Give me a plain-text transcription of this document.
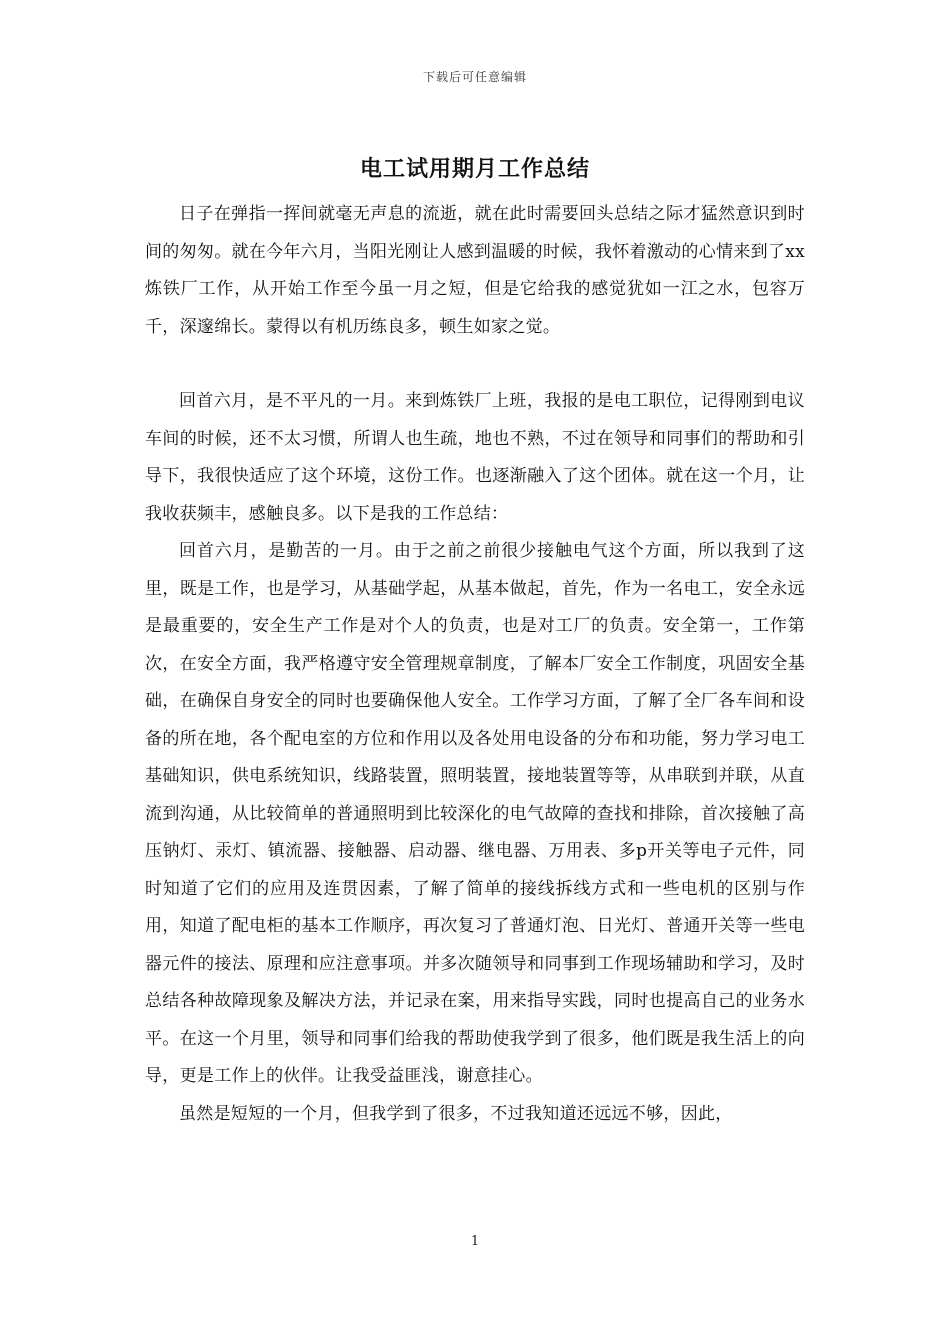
下载后可任意编辑
电工试用期月工作总结

日子在弹指一挥间就毫无声息的流逝，就在此时需要回头总结之际才猛然意识到时间的匆匆。就在今年六月，当阳光刚让人感到温暖的时候，我怀着激动的心情来到了xx炼铁厂工作，从开始工作至今虽一月之短，但是它给我的感觉犹如一江之水，包容万千，深邃绵长。蒙得以有机历练良多，顿生如家之觉。

回首六月，是不平凡的一月。来到炼铁厂上班，我报的是电工职位，记得刚到电议车间的时候，还不太习惯，所谓人也生疏，地也不熟，不过在领导和同事们的帮助和引导下，我很快适应了这个环境，这份工作。也逐渐融入了这个团体。就在这一个月，让我收获频丰，感触良多。以下是我的工作总结：

回首六月，是勤苦的一月。由于之前之前很少接触电气这个方面，所以我到了这里，既是工作，也是学习，从基础学起，从基本做起，首先，作为一名电工，安全永远是最重要的，安全生产工作是对个人的负责，也是对工厂的负责。安全第一，工作第次，在安全方面，我严格遵守安全管理规章制度，了解本厂安全工作制度，巩固安全基础，在确保自身安全的同时也要确保他人安全。工作学习方面，了解了全厂各车间和设备的所在地，各个配电室的方位和作用以及各处用电设备的分布和功能，努力学习电工基础知识，供电系统知识，线路装置，照明装置，接地装置等等，从串联到并联，从直流到沟通，从比较简单的普通照明到比较深化的电气故障的查找和排除，首次接触了高压钠灯、汞灯、镇流器、接触器、启动器、继电器、万用表、多p开关等电子元件，同时知道了它们的应用及连贯因素，了解了简单的接线拆线方式和一些电机的区别与作用，知道了配电柜的基本工作顺序，再次复习了普通灯泡、日光灯、普通开关等一些电器元件的接法、原理和应注意事项。并多次随领导和同事到工作现场辅助和学习，及时总结各种故障现象及解决方法，并记录在案，用来指导实践，同时也提高自己的业务水平。在这一个月里，领导和同事们给我的帮助使我学到了很多，他们既是我生活上的向导，更是工作上的伙伴。让我受益匪浅，谢意挂心。

虽然是短短的一个月，但我学到了很多，不过我知道还远远不够，因此，

1
